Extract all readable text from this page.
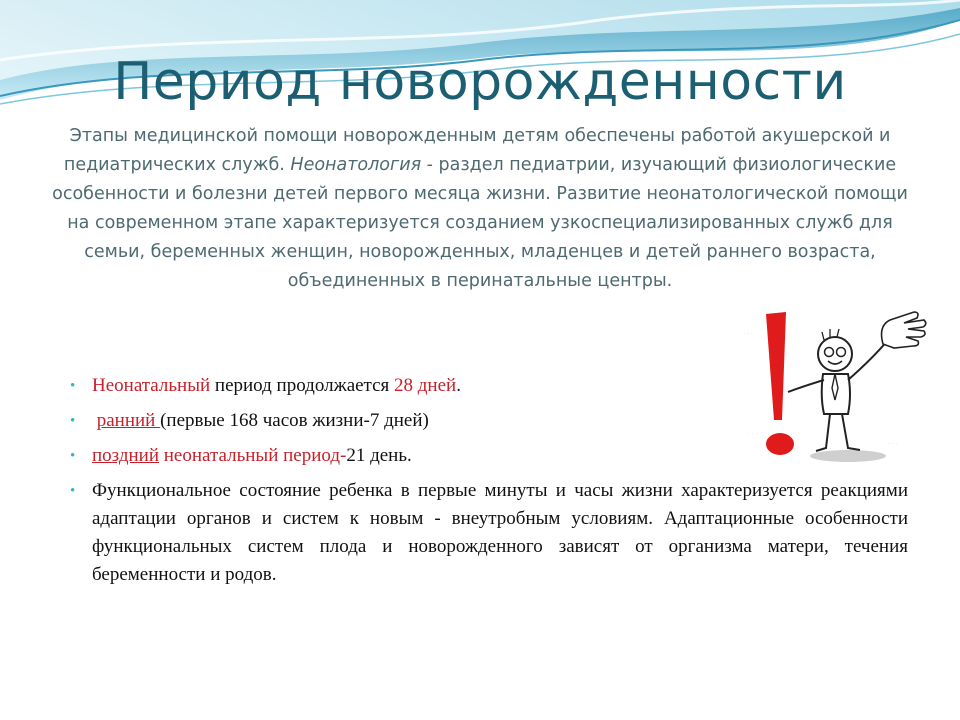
Период новорожденности

Этапы медицинской помощи новорожденным детям обеспечены работой акушерской и педиатрических служб. Неонатология - раздел педиатрии, изучающий физиологические особенности и болезни детей первого месяца жизни. Развитие неонатологической помощи на современном этапе характеризуется созданием узкоспециализированных служб для семьи, беременных женщин, новорожденных, младенцев и детей раннего возраста, объединенных в перинатальные центры.

· · ·
· · ·
· · ·
• Неонатальный период продолжается 28 дней.
• ранний (первые 168 часов жизни-7 дней)
• поздний неонатальный период-21 день.
• Функциональное состояние ребенка в первые минуты и часы жизни характеризуется реакциями адаптации органов и систем к новым - внеутробным условиям. Адаптационные особенности функциональных систем плода и новорожденного зависят от организма матери, течения беременности и родов.
